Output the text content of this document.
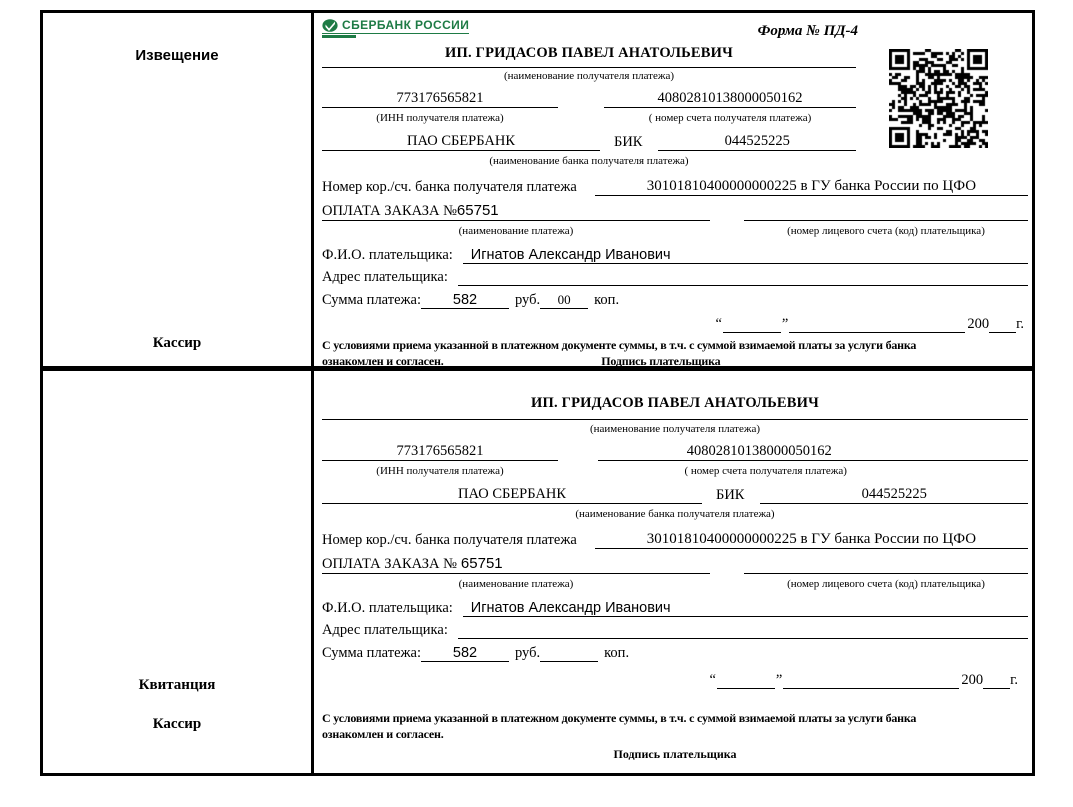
Извещение
Кассир
СБЕРБАНК РОССИИ	Форма № ПД-4
ИП. ГРИДАСОВ ПАВЕЛ АНАТОЛЬЕВИЧ
(наименование получателя платежа)
773176565821	40802810138000050162
(ИНН получателя платежа)	( номер счета получателя платежа)
ПАО СБЕРБАНК	БИК	044525225
(наименование банка получателя платежа)
Номер кор./сч. банка получателя платежа	30101810400000000225 в ГУ банка России по ЦФО
ОПЛАТА ЗАКАЗА №65751
(наименование платежа)	(номер лицевого счета (код) плательщика)
Ф.И.О. плательщика:	Игнатов Александр Иванович
Адрес плательщика:
Сумма платежа:	582	руб.	00	коп.
“	”	200 г.
С условиями приема указанной в платежном документе суммы, в т.ч. с суммой взимаемой платы за услуги банка
ознакомлен и согласен.	Подпись плательщика
Квитанция
Кассир
ИП. ГРИДАСОВ ПАВЕЛ АНАТОЛЬЕВИЧ
(наименование получателя платежа)
773176565821	40802810138000050162
(ИНН получателя платежа)	( номер счета получателя платежа)
ПАО СБЕРБАНК	БИК	044525225
(наименование банка получателя платежа)
Номер кор./сч. банка получателя платежа	30101810400000000225 в ГУ банка России по ЦФО
ОПЛАТА ЗАКАЗА № 65751
(наименование платежа)	(номер лицевого счета (код) плательщика)
Ф.И.О. плательщика:	Игнатов Александр Иванович
Адрес плательщика:
Сумма платежа:	582	руб.	коп.
“	”	200 г.
С условиями приема указанной в платежном документе суммы, в т.ч. с суммой взимаемой платы за услуги банка
ознакомлен и согласен.
Подпись плательщика
